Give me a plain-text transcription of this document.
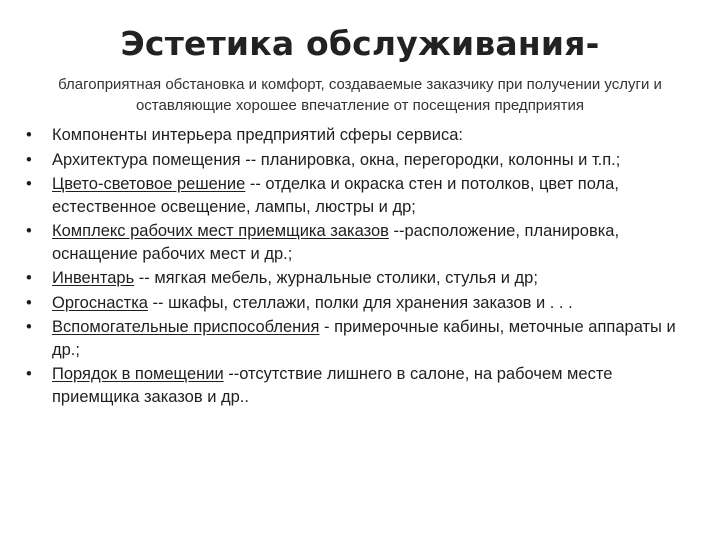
Эстетика обслуживания-
благоприятная обстановка и комфорт, создаваемые заказчику при получении услуги и оставляющие хорошее впечатление от посещения предприятия
• Компоненты интерьера предприятий сферы сервиса:
• Архитектура помещения -- планировка, окна, перегородки, колонны и т.п.;
• Цвето-световое решение -- отделка и окраска стен и потолков, цвет пола, естественное освещение, лампы, люстры и др;
• Комплекс рабочих мест приемщика заказов --расположение, планировка, оснащение рабочих мест и др.;
• Инвентарь -- мягкая мебель, журнальные столики, стулья и др;
• Оргоснастка -- шкафы, стеллажи, полки для хранения заказов и . . .
• Вспомогательные приспособления - примерочные кабины, меточные аппараты и др.;
• Порядок в помещении --отсутствие лишнего в салоне, на рабочем месте приемщика заказов и др..
